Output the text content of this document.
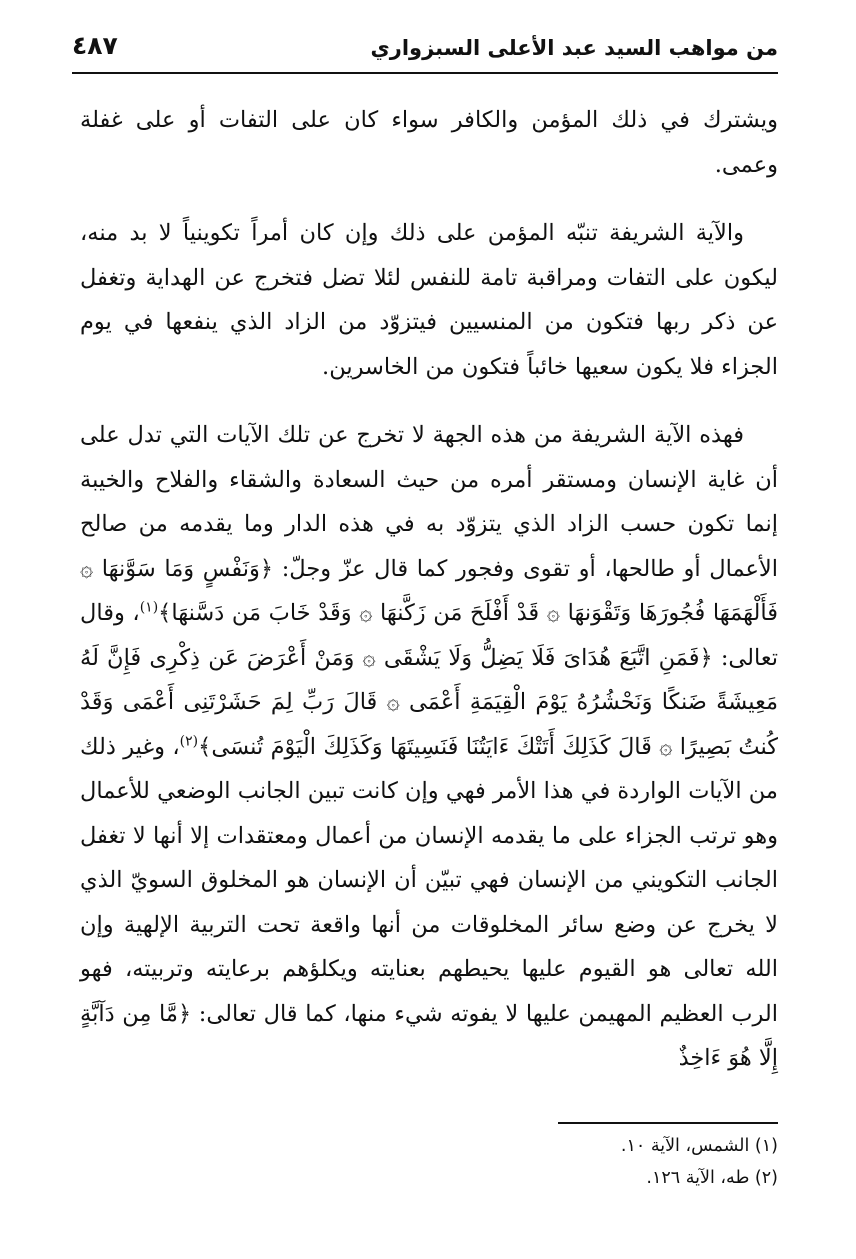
من مواهب السيد عبد الأعلى السبزواري
٤٨٧

ويشترك في ذلك المؤمن والكافر سواء كان على التفات أو على غفلة وعمى.

والآية الشريفة تنبّه المؤمن على ذلك وإن كان أمراً تكوينياً لا بد منه، ليكون على التفات ومراقبة تامة للنفس لئلا تضل فتخرج عن الهداية وتغفل عن ذكر ربها فتكون من المنسيين فيتزوّد من الزاد الذي ينفعها في يوم الجزاء فلا يكون سعيها خائباً فتكون من الخاسرين.

فهذه الآية الشريفة من هذه الجهة لا تخرج عن تلك الآيات التي تدل على أن غاية الإنسان ومستقر أمره من حيث السعادة والشقاء والفلاح والخيبة إنما تكون حسب الزاد الذي يتزوّد به في هذه الدار وما يقدمه من صالح الأعمال أو طالحها، أو تقوى وفجور كما قال عزّ وجلّ: ﴿وَنَفْسٍ وَمَا سَوَّنهَا ۞ فَأَلْهَمَهَا فُجُورَهَا وَتَقْوَنهَا ۞ قَدْ أَفْلَحَ مَن زَكَّنهَا ۞ وَقَدْ خَابَ مَن دَسَّنهَا﴾$^{(١)}$، وقال تعالى: ﴿فَمَنِ اتَّبَعَ هُدَاىَ فَلَا يَضِلُّ وَلَا يَشْقَى ۞ وَمَنْ أَعْرَضَ عَن ذِكْرِى فَإِنَّ لَهُ مَعِيشَةً ضَنكًا وَنَحْشُرُهُ يَوْمَ الْقِيَمَةِ أَعْمَى ۞ قَالَ رَبِّ لِمَ حَشَرْتَنِى أَعْمَى وَقَدْ كُنتُ بَصِيرًا ۞ قَالَ كَذَلِكَ أَتَتْكَ ءَايَتُنَا فَنَسِيتَهَا وَكَذَلِكَ الْيَوْمَ تُنسَى﴾$^{(٢)}$، وغير ذلك من الآيات الواردة في هذا الأمر فهي وإن كانت تبين الجانب الوضعي للأعمال وهو ترتب الجزاء على ما يقدمه الإنسان من أعمال ومعتقدات إلا أنها لا تغفل الجانب التكويني من الإنسان فهي تبيّن أن الإنسان هو المخلوق السويّ الذي لا يخرج عن وضع سائر المخلوقات من أنها واقعة تحت التربية الإلهية وإن الله تعالى هو القيوم عليها يحيطهم بعنايته ويكلؤهم برعايته وتربيته، فهو الرب العظيم المهيمن عليها لا يفوته شيء منها، كما قال تعالى: ﴿مَّا مِن دَآبَّةٍ إِلَّا هُوَ ءَاخِذٌ

(١) الشمس، الآية ١٠.
(٢) طه، الآية ١٢٦.
